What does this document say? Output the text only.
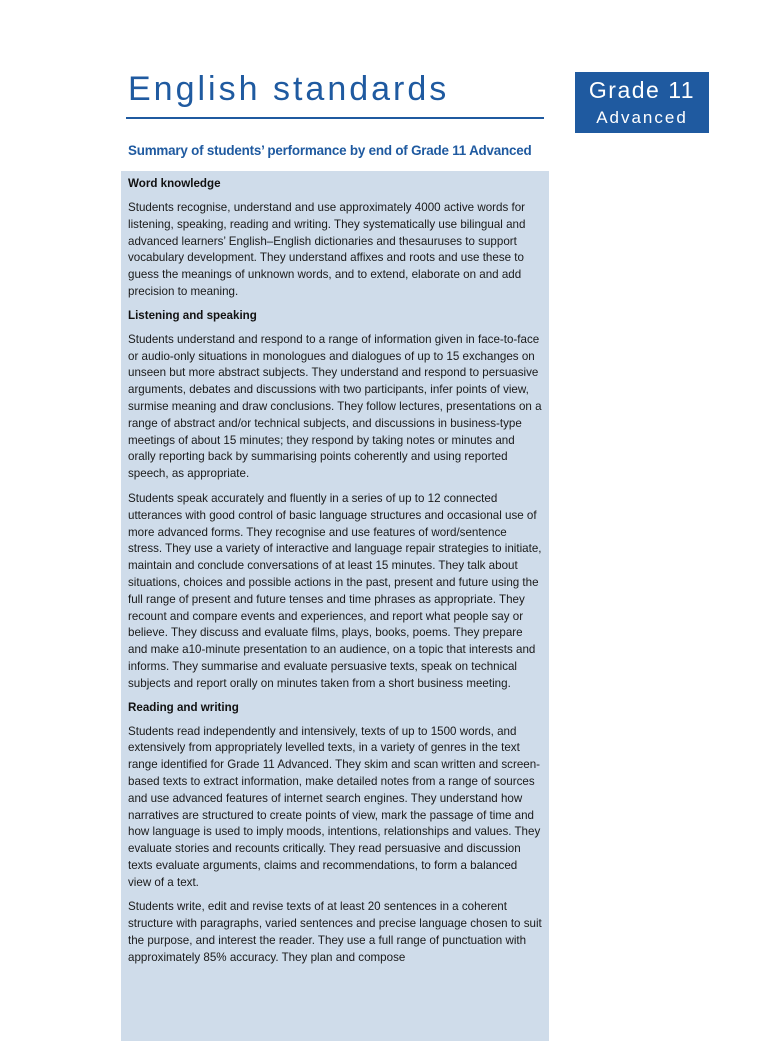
English standards	Grade 11
Advanced
Summary of students’ performance by end of Grade 11 Advanced
Word knowledge

Students recognise, understand and use approximately 4000 active words for listening, speaking, reading and writing. They systematically use bilingual and advanced learners’ English–English dictionaries and thesauruses to support vocabulary development. They understand affixes and roots and use these to guess the meanings of unknown words, and to extend, elaborate on and add precision to meaning.

Listening and speaking

Students understand and respond to a range of information given in face-to-face or audio-only situations in monologues and dialogues of up to 15 exchanges on unseen but more abstract subjects. They understand and respond to persuasive arguments, debates and discussions with two participants, infer points of view, surmise meaning and draw conclusions. They follow lectures, presentations on a range of abstract and/or technical subjects, and discussions in business-type meetings of about 15 minutes; they respond by taking notes or minutes and orally reporting back by summarising points coherently and using reported speech, as appropriate.

Students speak accurately and fluently in a series of up to 12 connected utterances with good control of basic language structures and occasional use of more advanced forms. They recognise and use features of word/sentence stress. They use a variety of interactive and language repair strategies to initiate, maintain and conclude conversations of at least 15 minutes. They talk about situations, choices and possible actions in the past, present and future using the full range of present and future tenses and time phrases as appropriate. They recount and compare events and experiences, and report what people say or believe. They discuss and evaluate films, plays, books, poems. They prepare and make a10-minute presentation to an audience, on a topic that interests and informs. They summarise and evaluate persuasive texts, speak on technical subjects and report orally on minutes taken from a short business meeting.

Reading and writing

Students read independently and intensively, texts of up to 1500 words, and extensively from appropriately levelled texts, in a variety of genres in the text range identified for Grade 11 Advanced. They skim and scan written and screen-based texts to extract information, make detailed notes from a range of sources and use advanced features of internet search engines. They understand how narratives are structured to create points of view, mark the passage of time and how language is used to imply moods, intentions, relationships and values. They evaluate stories and recounts critically. They read persuasive and discussion texts evaluate arguments, claims and recommendations, to form a balanced view of a text.

Students write, edit and revise texts of at least 20 sentences in a coherent structure with paragraphs, varied sentences and precise language chosen to suit the purpose, and interest the reader. They use a full range of punctuation with approximately 85% accuracy. They plan and compose
